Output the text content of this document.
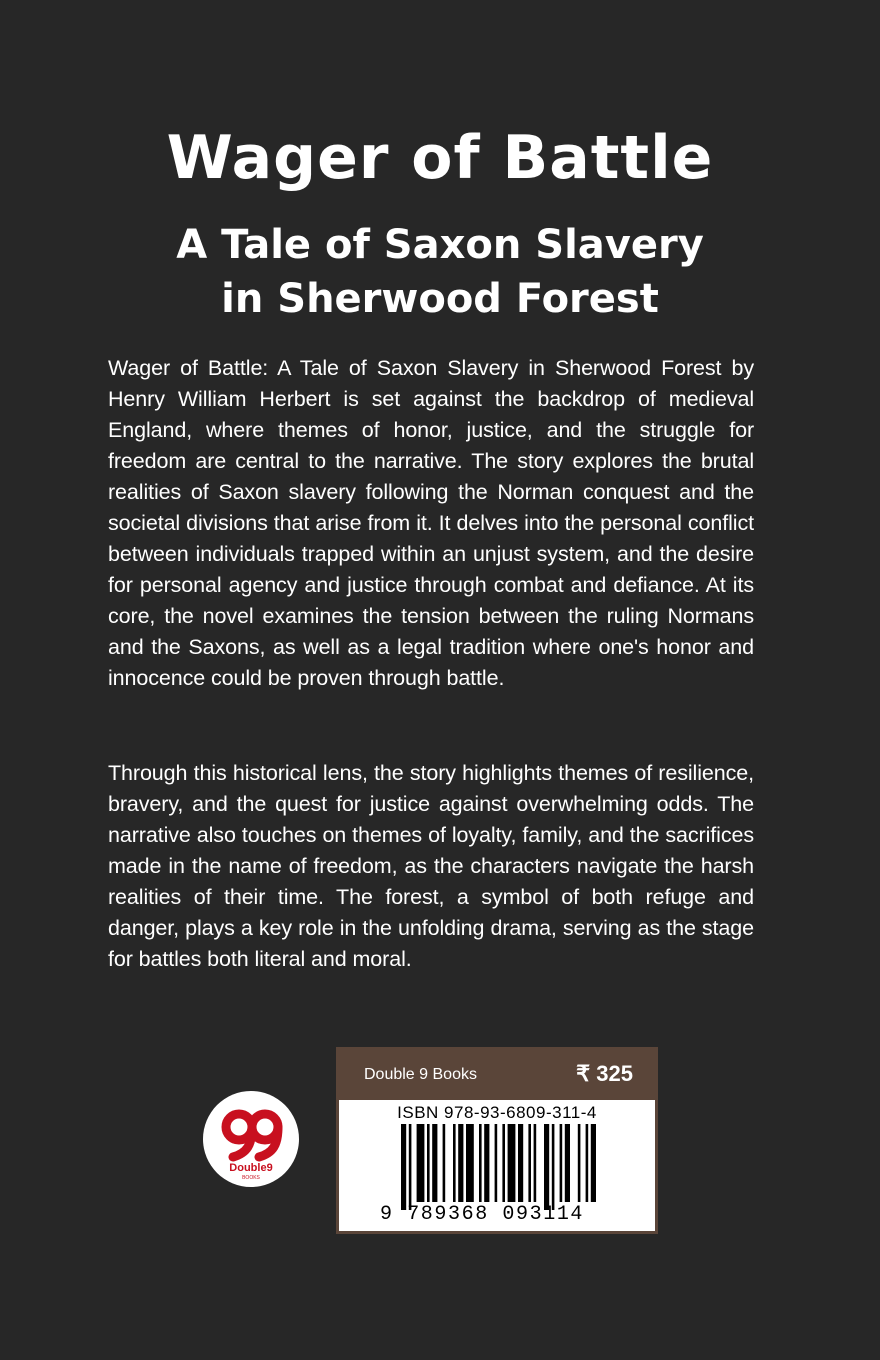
Wager of Battle
A Tale of Saxon Slavery
in Sherwood Forest

Wager of Battle: A Tale of Saxon Slavery in Sherwood Forest by Henry William Herbert is set against the backdrop of medieval England, where themes of honor, justice, and the struggle for freedom are central to the narrative. The story explores the brutal realities of Saxon slavery following the Norman conquest and the societal divisions that arise from it. It delves into the personal conflict between individuals trapped within an unjust system, and the desire for personal agency and justice through combat and defiance. At its core, the novel examines the tension between the ruling Normans and the Saxons, as well as a legal tradition where one's honor and innocence could be proven through battle.

Through this historical lens, the story highlights themes of resilience, bravery, and the quest for justice against overwhelming odds. The narrative also touches on themes of loyalty, family, and the sacrifices made in the name of freedom, as the characters navigate the harsh realities of their time. The forest, a symbol of both refuge and danger, plays a key role in the unfolding drama, serving as the stage for battles both literal and moral.

Double9
BOOKS
Double 9 Books	₹ 325
ISBN 978-93-6809-311-4
9 789368 093114
